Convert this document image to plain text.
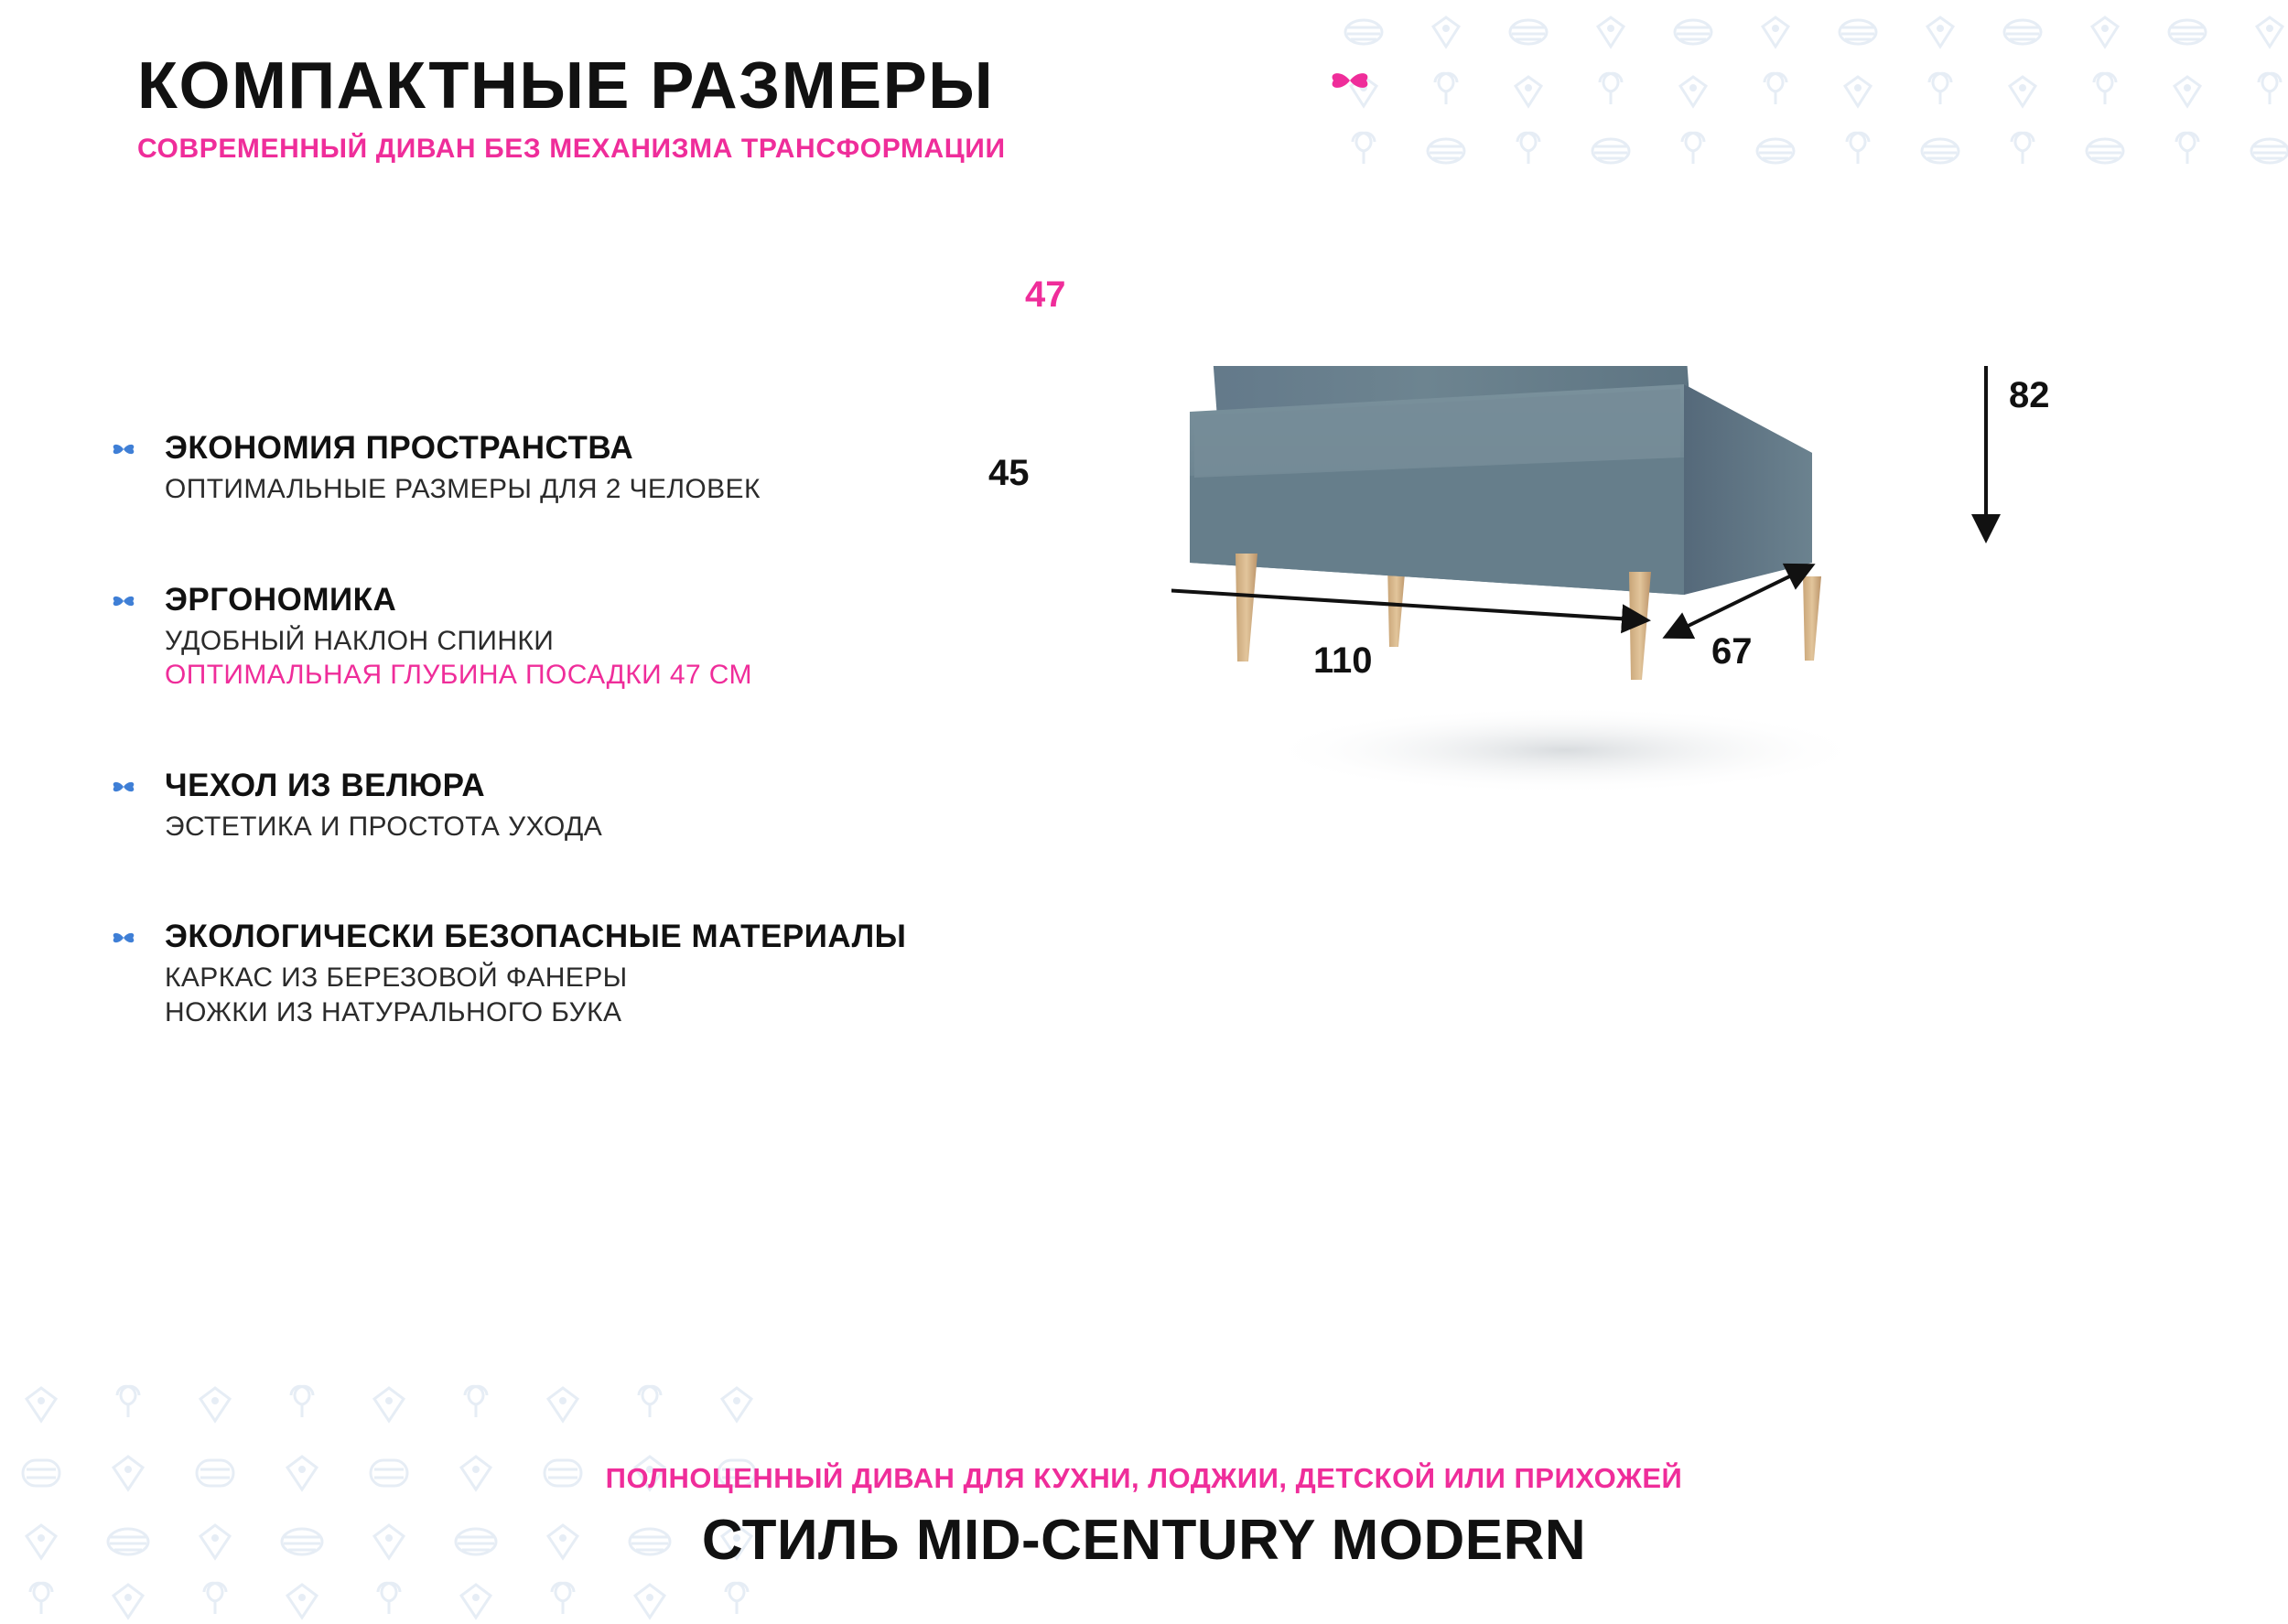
КОМПАКТНЫЕ РАЗМЕРЫ
СОВРЕМЕННЫЙ ДИВАН БЕЗ МЕХАНИЗМА ТРАНСФОРМАЦИИ
ЭКОНОМИЯ ПРОСТРАНСТВА

ОПТИМАЛЬНЫЕ РАЗМЕРЫ ДЛЯ 2 ЧЕЛОВЕК

ЭРГОНОМИКА

УДОБНЫЙ НАКЛОН СПИНКИ

ОПТИМАЛЬНАЯ ГЛУБИНА ПОСАДКИ 47 СМ

ЧЕХОЛ ИЗ ВЕЛЮРА

ЭСТЕТИКА И ПРОСТОТА УХОДА

ЭКОЛОГИЧЕСКИ БЕЗОПАСНЫЕ МАТЕРИАЛЫ

КАРКАС ИЗ БЕРЕЗОВОЙ ФАНЕРЫ

НОЖКИ ИЗ НАТУРАЛЬНОГО БУКА

47
45
82
110	67
ПОЛНОЦЕННЫЙ ДИВАН ДЛЯ КУХНИ, ЛОДЖИИ, ДЕТСКОЙ ИЛИ ПРИХОЖЕЙ
СТИЛЬ MID-CENTURY MODERN
